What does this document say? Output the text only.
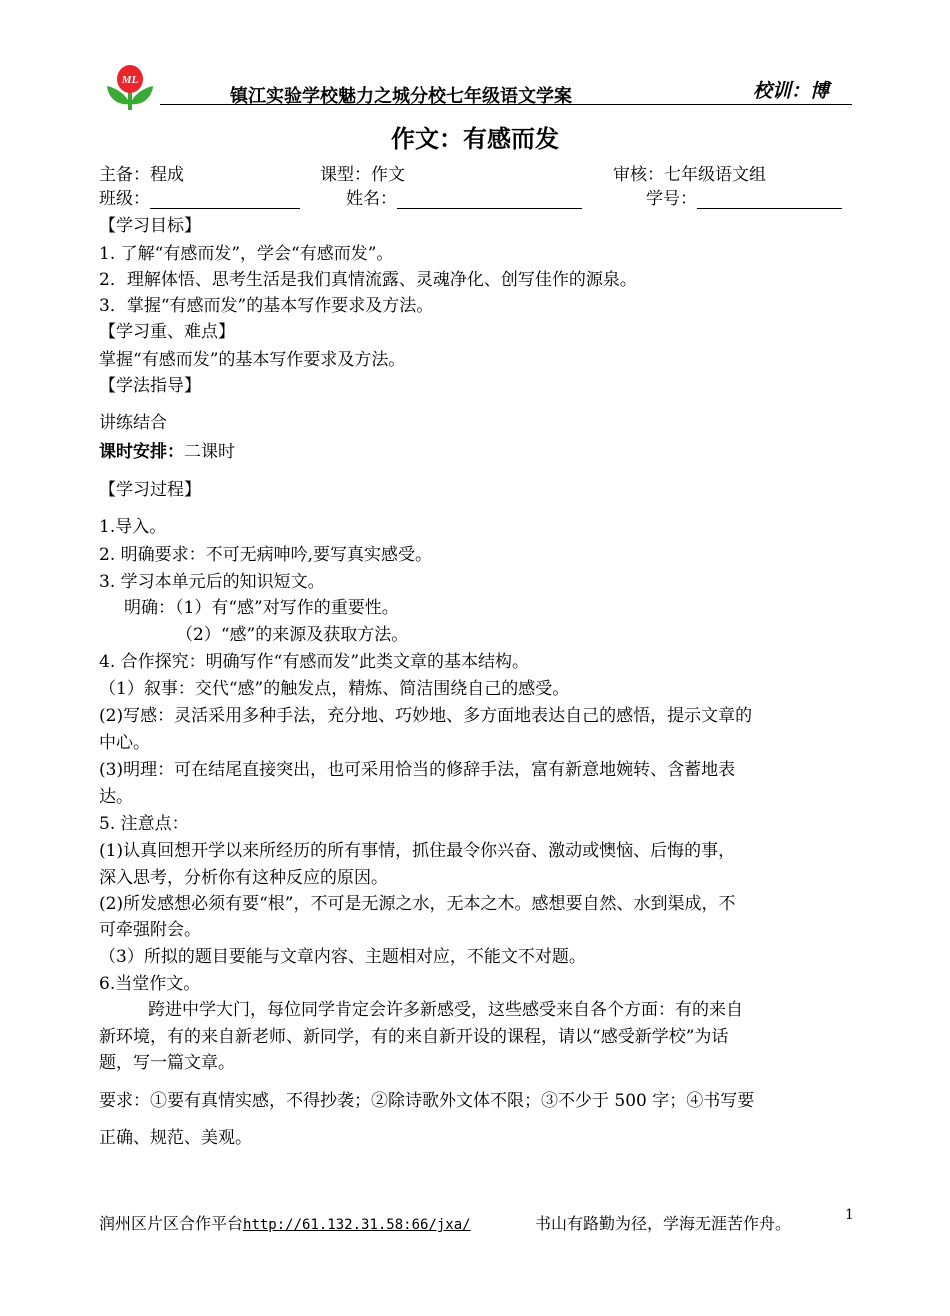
ML
镇江实验学校魅力之城分校七年级语文学案	校训：博
作文：有感而发
主备：程成	课型：作文	审核：七年级语文组
班级：	姓名：	学号：
【学习目标】
1. 了解“有感而发”，学会“有感而发”。
2．理解体悟、思考生活是我们真情流露、灵魂净化、创写佳作的源泉。
3．掌握“有感而发”的基本写作要求及方法。
【学习重、难点】
掌握“有感而发”的基本写作要求及方法。
【学法指导】
讲练结合
课时安排：二课时
【学习过程】
1.导入。
2. 明确要求：不可无病呻吟,要写真实感受。
3. 学习本单元后的知识短文。
明确：（1）有“感”对写作的重要性。
（2）“感”的来源及获取方法。
4. 合作探究：明确写作“有感而发”此类文章的基本结构。
（1）叙事：交代“感”的触发点，精炼、简洁围绕自己的感受。
(2)写感：灵活采用多种手法，充分地、巧妙地、多方面地表达自己的感悟，提示文章的
中心。
(3)明理：可在结尾直接突出，也可采用恰当的修辞手法，富有新意地婉转、含蓄地表
达。
5. 注意点：
(1)认真回想开学以来所经历的所有事情，抓住最令你兴奋、激动或懊恼、后悔的事，
深入思考，分析你有这种反应的原因。
(2)所发感想必须有要“根”，不可是无源之水，无本之木。感想要自然、水到渠成，不
可牵强附会。
（3）所拟的题目要能与文章内容、主题相对应，不能文不对题。
6.当堂作文。
跨进中学大门，每位同学肯定会许多新感受，这些感受来自各个方面：有的来自
新环境，有的来自新老师、新同学，有的来自新开设的课程，请以“感受新学校”为话
题，写一篇文章。
要求：①要有真情实感，不得抄袭；②除诗歌外文体不限；③不少于 500 字；④书写要
正确、规范、美观。
润州区片区合作平台http://61.132.31.58:66/jxa/	书山有路勤为径，学海无涯苦作舟。	1
